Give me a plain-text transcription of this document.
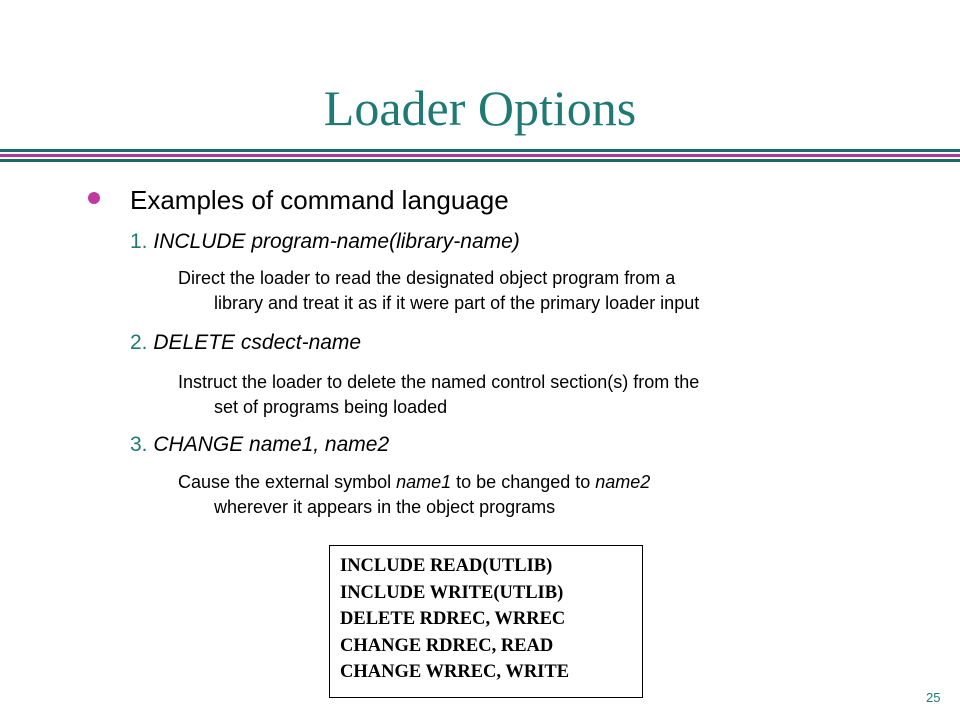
Loader Options
Examples of command language
1. INCLUDE program-name(library-name)
Direct the loader to read the designated object program from a
library and treat it as if it were part of the primary loader input
2. DELETE csdect-name
Instruct the loader to delete the named control section(s) from the
set of programs being loaded
3. CHANGE name1, name2
Cause the external symbol name1 to be changed to name2
wherever it appears in the object programs
INCLUDE READ(UTLIB)
INCLUDE WRITE(UTLIB)
DELETE RDREC, WRREC
CHANGE RDREC, READ
CHANGE WRREC, WRITE
25
